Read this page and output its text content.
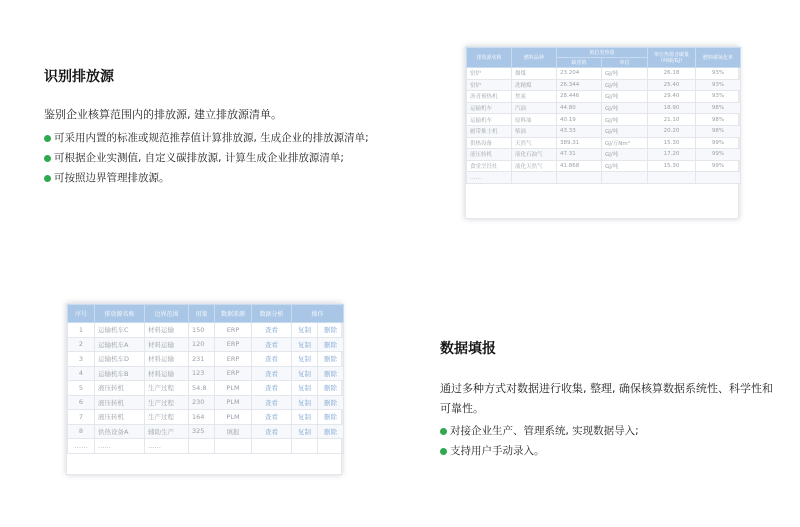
识别排放源
鉴别企业核算范围内的排放源, 建立排放源清单。
可采用内置的标准或规范推荐值计算排放源, 生成企业的排放源清单;
可根据企业实测值, 自定义碳排放源, 计算生成企业排放源清单;
可按照边界管理排放源。
排放源名称	燃料品种	低位发热量		单位热值含碳量（吨碳/GJ）	燃料碳氧化率
		缺省值	单位		
窑炉	烟煤	23.204	GJ/吨	26.18	93%
窑炉	洗精煤	26.344	GJ/吨	25.40	93%
沥青预热机	焦炭	28.446	GJ/吨	29.40	93%
运输机车	汽油	44.80	GJ/吨	18.90	98%
运输机车	原料油	40.19	GJ/吨	21.10	98%
履带推土机	柴油	43.33	GJ/吨	20.20	98%
供热设备	天然气	389.31	GJ/万Nm³	15.30	99%
液压转机	液化石油气	47.31	GJ/吨	17.20	99%
食堂烹饪灶	液化天然气	41.868	GJ/吨	15.30	99%
……					
序号	排放源名称	边界范围	用量	数据来源	数据分析	操作	
1	运输机车C	材料运输	150	ERP	查看	复制	删除
2	运输机车A	材料运输	120	ERP	查看	复制	删除
3	运输机车D	材料运输	231	ERP	查看	复制	删除
4	运输机车B	材料运输	123	ERP	查看	复制	删除
5	液压转机	生产过程	54.8	PLM	查看	复制	删除
6	液压转机	生产过程	230	PLM	查看	复制	删除
7	液压转机	生产过程	164	PLM	查看	复制	删除
8	供热设备A	辅助生产	325	填报	查看	复制	删除
……	……	……					
数据填报
通过多种方式对数据进行收集, 整理, 确保核算数据系统性、科学性和可靠性。
对接企业生产、管理系统, 实现数据导入;
支持用户手动录入。
